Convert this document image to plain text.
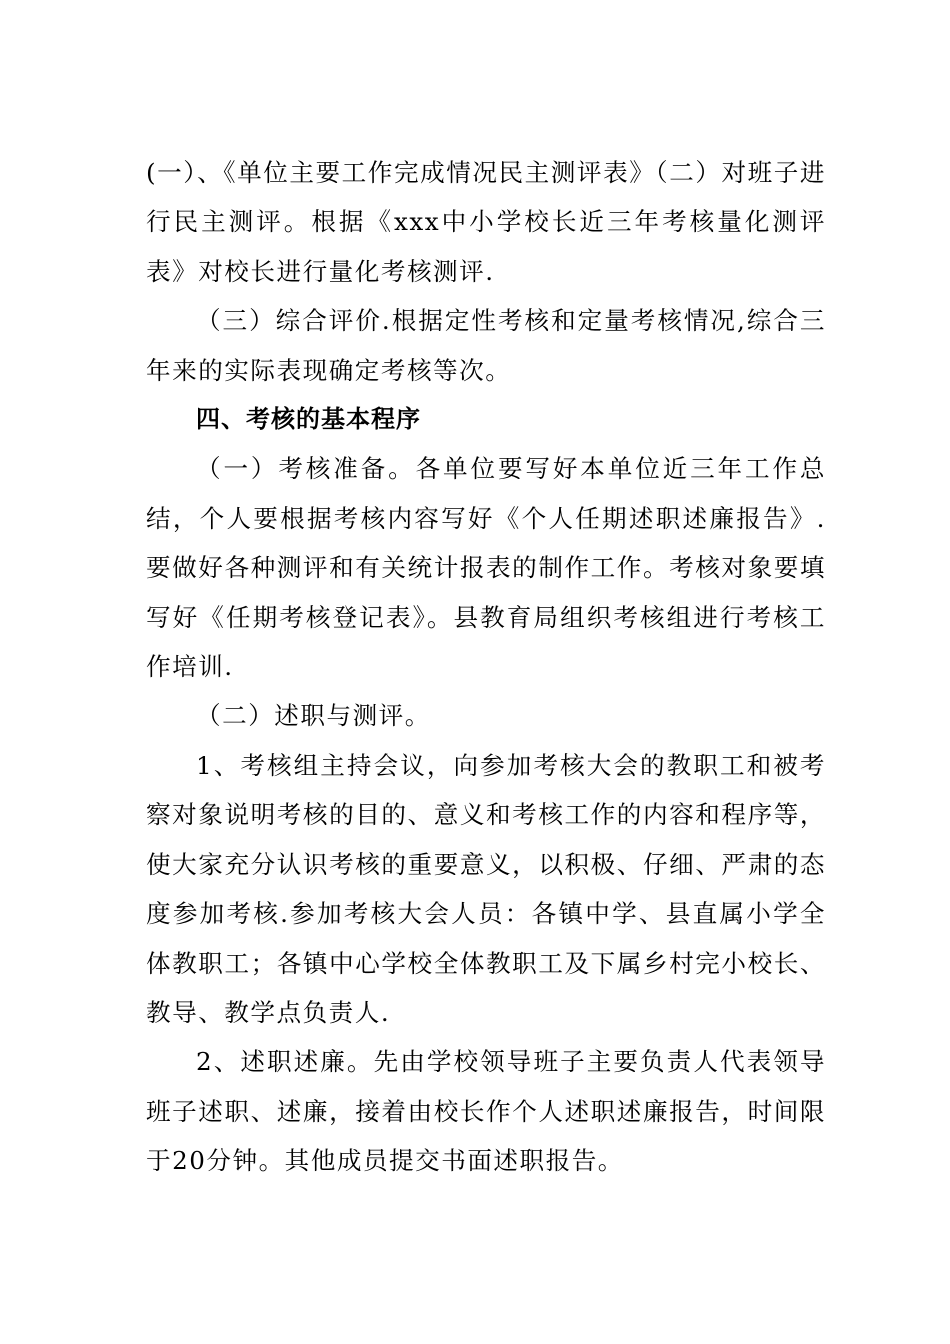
(一）、《单位主要工作完成情况民主测评表》（二）对班子进行民主测评。根据《xxx中小学校长近三年考核量化测评表》对校长进行量化考核测评.

（三）综合评价.根据定性考核和定量考核情况,综合三年来的实际表现确定考核等次。

四、考核的基本程序

（一）考核准备。各单位要写好本单位近三年工作总结，个人要根据考核内容写好《个人任期述职述廉报告》.要做好各种测评和有关统计报表的制作工作。考核对象要填写好《任期考核登记表》。县教育局组织考核组进行考核工作培训.

（二）述职与测评。

1、考核组主持会议，向参加考核大会的教职工和被考察对象说明考核的目的、意义和考核工作的内容和程序等，使大家充分认识考核的重要意义，以积极、仔细、严肃的态度参加考核.参加考核大会人员：各镇中学、县直属小学全体教职工；各镇中心学校全体教职工及下属乡村完小校长、教导、教学点负责人.

2、述职述廉。先由学校领导班子主要负责人代表领导班子述职、述廉，接着由校长作个人述职述廉报告，时间限于20分钟。其他成员提交书面述职报告。
